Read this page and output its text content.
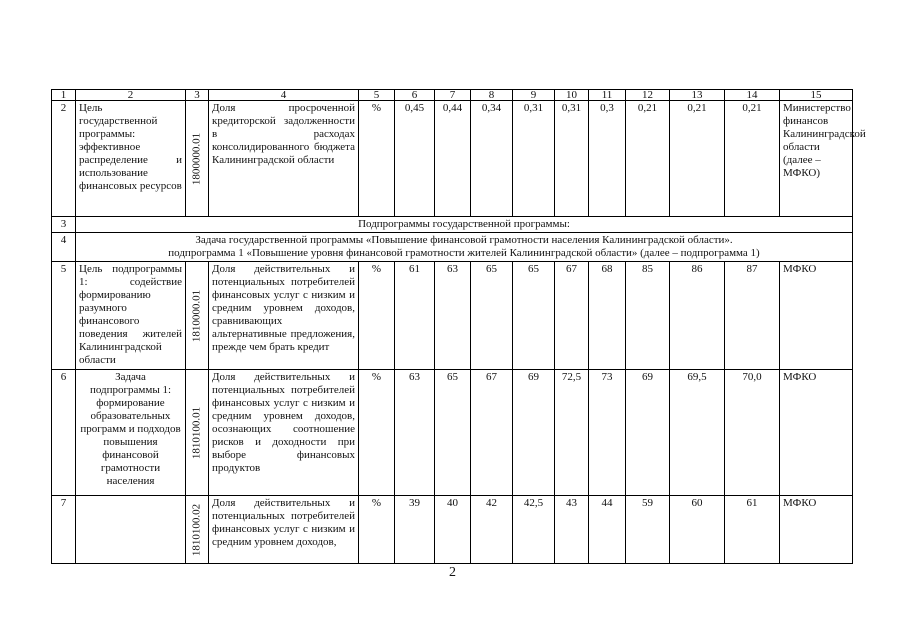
1	2	3	4	5	6	7	8	9	10	11	12	13	14	15
2	Цель государственной программы: эффективное распределение и использование финансовых ресурсов	1800000.01	Доля просроченной кредиторской задолженности в расходах консолидированного бюджета Калининградской области	%	0,45	0,44	0,34	0,31	0,31	0,3	0,21	0,21	0,21	Министерство финансов Калининградской области (далее – МФКО)
3	Подпрограммы государственной программы:													
4	Задача государственной программы «Повышение финансовой грамотности населения Калининградской области».
подпрограмма 1 «Повышение уровня финансовой грамотности жителей Калининградской области» (далее – подпрограмма 1)													

5	Цель подпрограммы 1: содействие формированию разумного финансового поведения жителей Калининградской области	1810000.01	Доля действительных и потенциальных потребителей финансовых услуг с низким и средним уровнем доходов, сравнивающих альтернативные предложения, прежде чем брать кредит	%	61	63	65	65	67	68	85	86	87	МФКО
6	Задача подпрограммы 1: формирование образовательных программ и подходов повышения финансовой грамотности населения	1810100.01	Доля действительных и потенциальных потребителей финансовых услуг с низким и средним уровнем доходов, осознающих соотношение рисков и доходности при выборе финансовых продуктов	%	63	65	67	69	72,5	73	69	69,5	70,0	МФКО
7		1810100.02	Доля действительных и потенциальных потребителей финансовых услуг с низким и средним уровнем доходов,	%	39	40	42	42,5	43	44	59	60	61	МФКО
2
